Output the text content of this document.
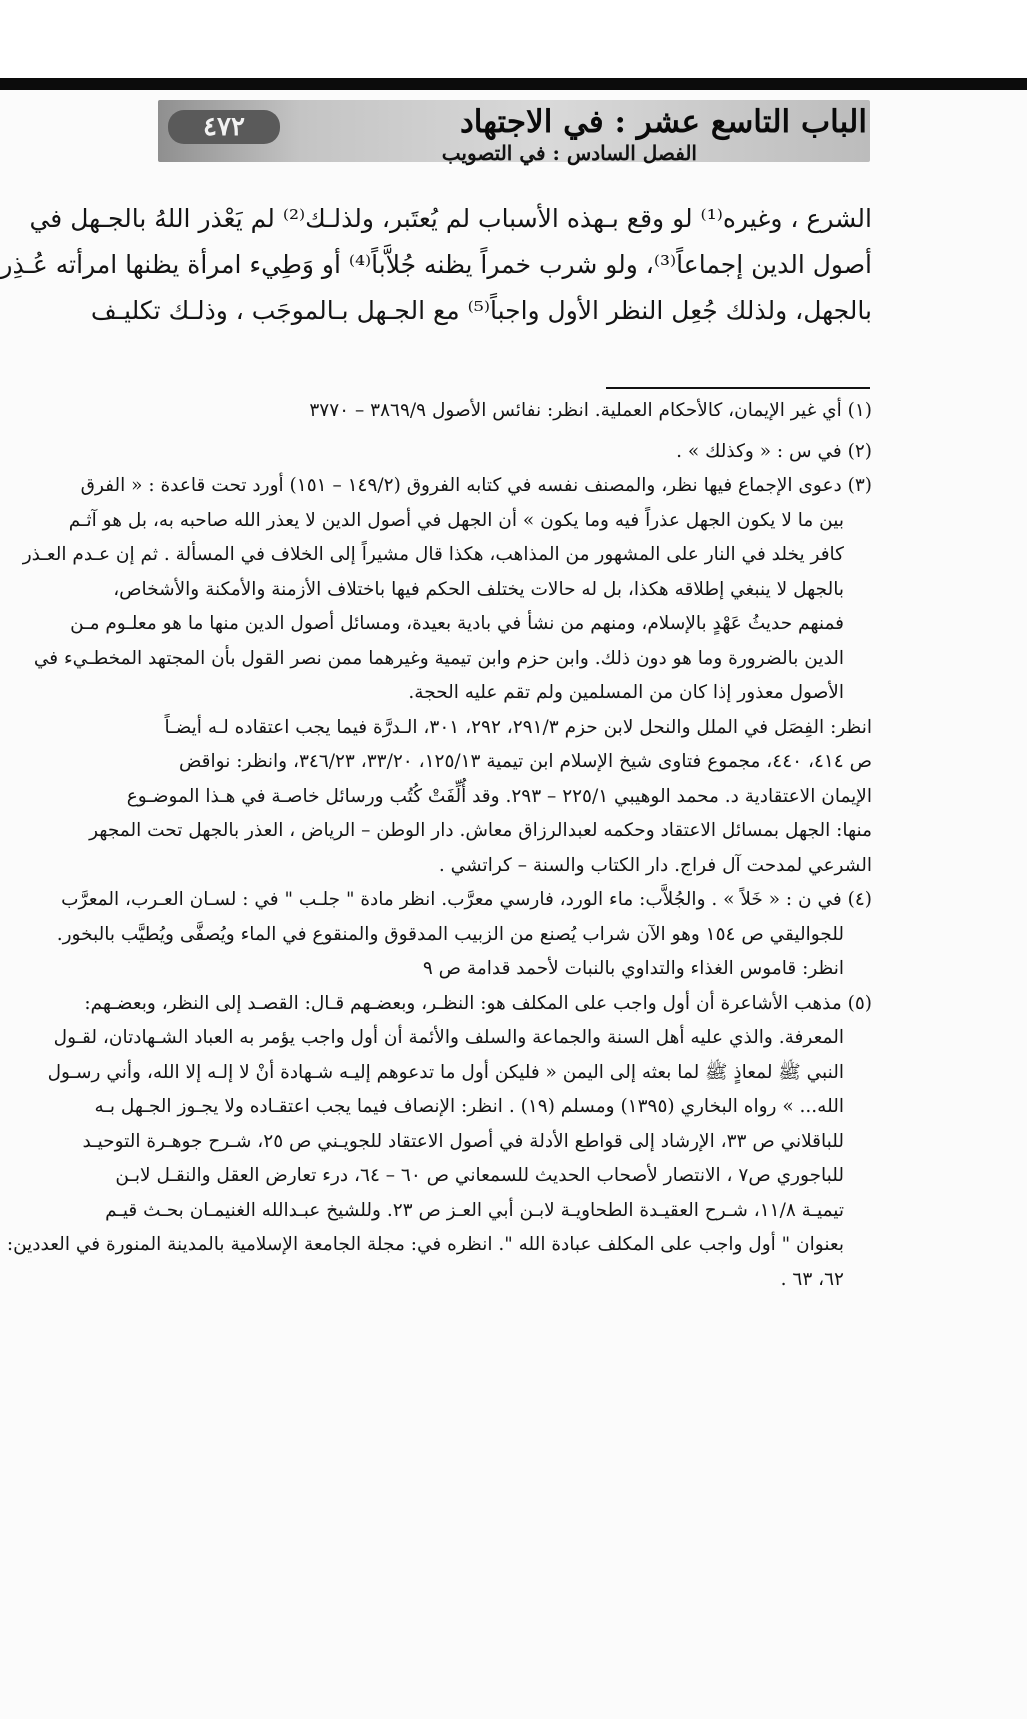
٤٧٢	الباب التاسع عشر : في الاجتهاد
الفصل السادس : في التصويب
الشرع ، وغيره⁽¹⁾ لو وقع بـهذه الأسباب لم يُعتَبر، ولذلـك⁽²⁾ لم يَعْذر اللهُ بالجـهل في
أصول الدين إجماعاً⁽³⁾، ولو شرب خمراً يظنه جُلاَّباً⁽⁴⁾ أو وَطِيء امرأة يظنها امرأته عُـذِر
بالجهل، ولذلك جُعِل النظر الأول واجباً⁽⁵⁾ مع الجـهل بـالموجَب ، وذلـك تكليـف
(١) أي غير الإيمان، كالأحكام العملية. انظر: نفائس الأصول ٣٨٦٩/٩ – ٣٧٧٠
(٢) في س : « وكذلك » .
(٣) دعوى الإجماع فيها نظر، والمصنف نفسه في كتابه الفروق (١٤٩/٢ – ١٥١) أورد تحت قاعدة : « الفرق
بين ما لا يكون الجهل عذراً فيه وما يكون » أن الجهل في أصول الدين لا يعذر الله صاحبه به، بل هو آثـم
كافر يخلد في النار على المشهور من المذاهب، هكذا قال مشيراً إلى الخلاف في المسألة . ثم إن عـدم العـذر
بالجهل لا ينبغي إطلاقه هكذا، بل له حالات يختلف الحكم فيها باختلاف الأزمنة والأمكنة والأشخاص،
فمنهم حديثُ عَهْدٍ بالإسلام، ومنهم من نشأ في بادية بعيدة، ومسائل أصول الدين منها ما هو معلـوم مـن
الدين بالضرورة وما هو دون ذلك. وابن حزم وابن تيمية وغيرهما ممن نصر القول بأن المجتهد المخطـيء في
الأصول معذور إذا كان من المسلمين ولم تقم عليه الحجة.
انظر: الفِصَل في الملل والنحل لابن حزم ٢٩١/٣، ٢٩٢، ٣٠١، الـدرَّة فيما يجب اعتقاده لـه أيضـاً
ص ٤١٤، ٤٤٠، مجموع فتاوى شيخ الإسلام ابن تيمية ١٢٥/١٣، ٣٣/٢٠، ٣٤٦/٢٣، وانظر: نواقض
الإيمان الاعتقادية د. محمد الوهيبي ٢٢٥/١ – ٢٩٣. وقد أُلِّفَتْ كُتُب ورسائل خاصـة في هـذا الموضـوع
منها: الجهل بمسائل الاعتقاد وحكمه لعبدالرزاق معاش. دار الوطن – الرياض ، العذر بالجهل تحت المجهر
الشرعي لمدحت آل فراج. دار الكتاب والسنة – كراتشي .
(٤) في ن : « خَلاً » . والجُلاَّب: ماء الورد، فارسي معرَّب. انظر مادة " جلـب " في : لسـان العـرب، المعرَّب
للجواليقي ص ١٥٤ وهو الآن شراب يُصنع من الزبيب المدقوق والمنقوع في الماء ويُصفَّى ويُطيَّب بالبخور.
انظر: قاموس الغذاء والتداوي بالنبات لأحمد قدامة ص ٩
(٥) مذهب الأشاعرة أن أول واجب على المكلف هو: النظـر، وبعضـهم قـال: القصـد إلى النظر، وبعضـهم:
المعرفة. والذي عليه أهل السنة والجماعة والسلف والأئمة أن أول واجب يؤمر به العباد الشـهادتان، لقـول
النبي ﷺ لمعاذٍ ﷺ لما بعثه إلى اليمن « فليكن أول ما تدعوهم إليـه شـهادة أنْ لا إلـه إلا الله، وأني رسـول
الله... » رواه البخاري (١٣٩٥) ومسلم (١٩) . انظر: الإنصاف فيما يجب اعتقـاده ولا يجـوز الجـهل بـه
للباقلاني ص ٣٣، الإرشاد إلى قواطع الأدلة في أصول الاعتقاد للجويـني ص ٢٥، شـرح جوهـرة التوحيـد
للباجوري ص٧ ، الانتصار لأصحاب الحديث للسمعاني ص ٦٠ – ٦٤، درء تعارض العقل والنقـل لابـن
تيميـة ١١/٨، شـرح العقيـدة الطحاويـة لابـن أبي العـز ص ٢٣. وللشيخ عبـدالله الغنيمـان بحـث قيـم
بعنوان " أول واجب على المكلف عبادة الله ". انظره في: مجلة الجامعة الإسلامية بالمدينة المنورة في العددين:
٦٢، ٦٣ .
